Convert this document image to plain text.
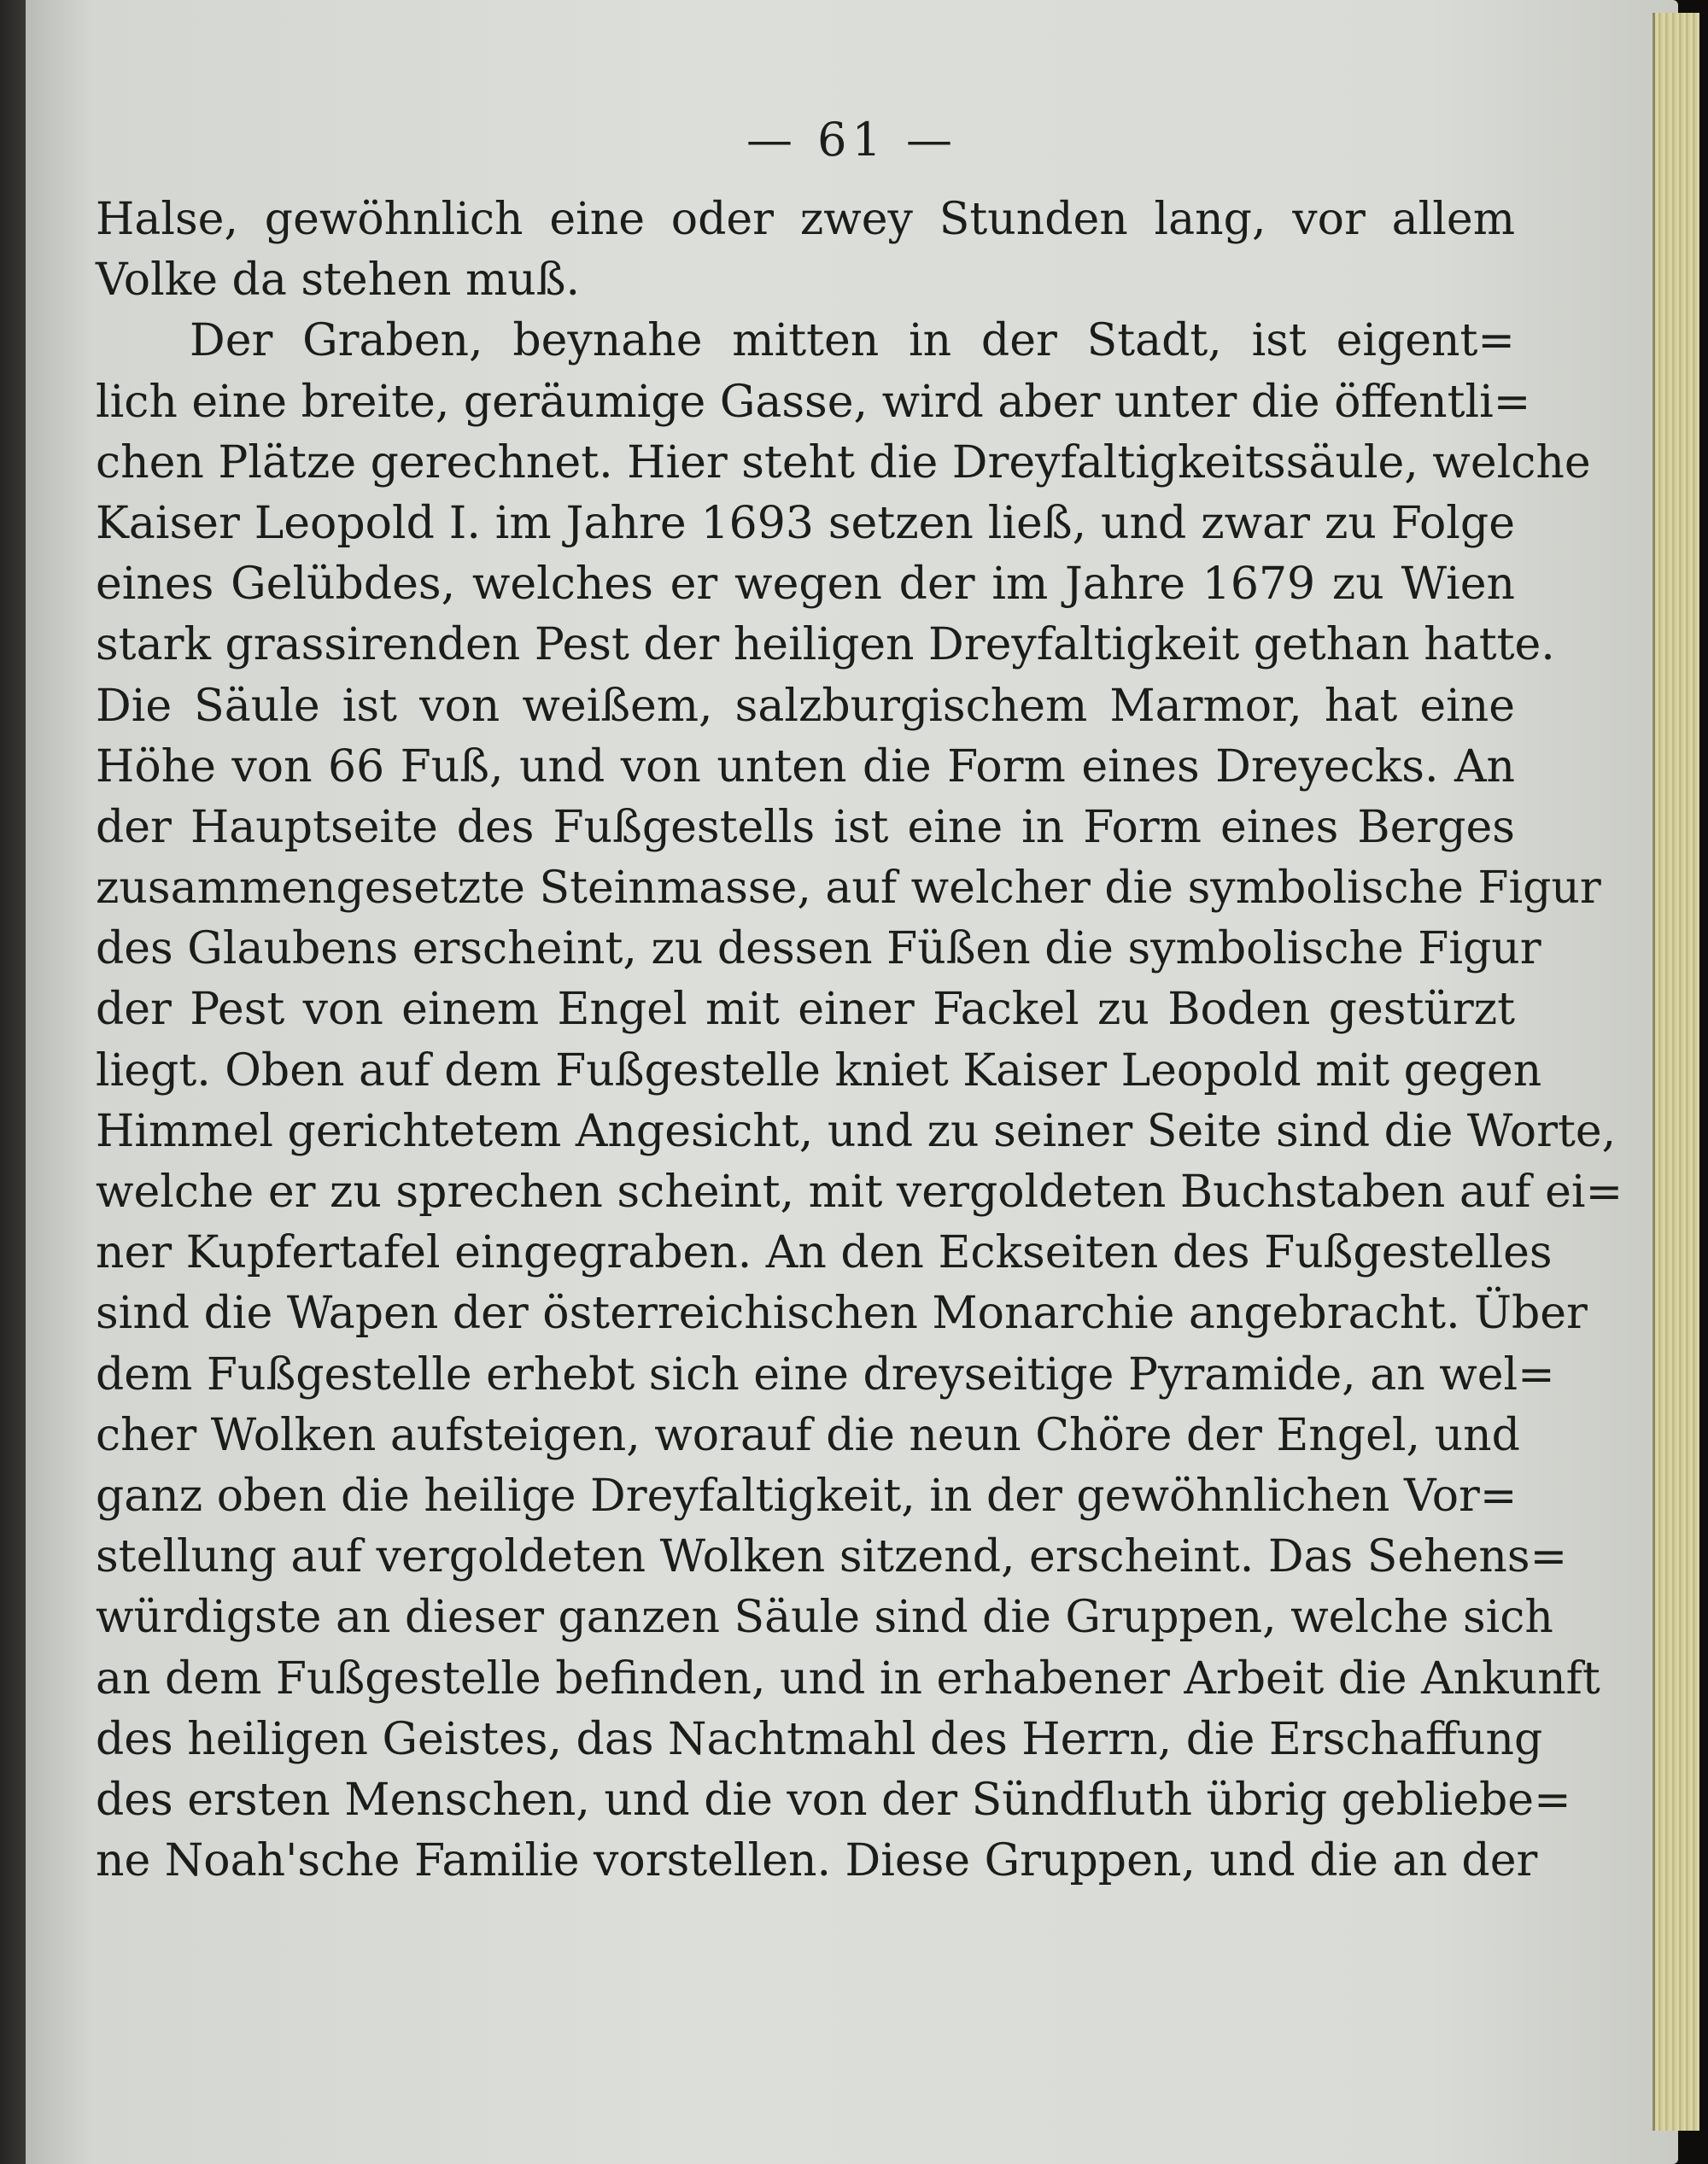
— 61 —
Halse, gewöhnlich eine oder zwey Stunden lang, vor allem
Volke da stehen muß.
Der Graben, beynahe mitten in der Stadt, ist eigent=
lich eine breite, geräumige Gasse, wird aber unter die öffentli=
chen Plätze gerechnet. Hier steht die Dreyfaltigkeitssäule, welche
Kaiser Leopold I. im Jahre 1693 setzen ließ, und zwar zu Folge
eines Gelübdes, welches er wegen der im Jahre 1679 zu Wien
stark grassirenden Pest der heiligen Dreyfaltigkeit gethan hatte.
Die Säule ist von weißem, salzburgischem Marmor, hat eine
Höhe von 66 Fuß, und von unten die Form eines Dreyecks. An
der Hauptseite des Fußgestells ist eine in Form eines Berges
zusammengesetzte Steinmasse, auf welcher die symbolische Figur
des Glaubens erscheint, zu dessen Füßen die symbolische Figur
der Pest von einem Engel mit einer Fackel zu Boden gestürzt
liegt. Oben auf dem Fußgestelle kniet Kaiser Leopold mit gegen
Himmel gerichtetem Angesicht, und zu seiner Seite sind die Worte,
welche er zu sprechen scheint, mit vergoldeten Buchstaben auf ei=
ner Kupfertafel eingegraben. An den Eckseiten des Fußgestelles
sind die Wapen der österreichischen Monarchie angebracht. Über
dem Fußgestelle erhebt sich eine dreyseitige Pyramide, an wel=
cher Wolken aufsteigen, worauf die neun Chöre der Engel, und
ganz oben die heilige Dreyfaltigkeit, in der gewöhnlichen Vor=
stellung auf vergoldeten Wolken sitzend, erscheint. Das Sehens=
würdigste an dieser ganzen Säule sind die Gruppen, welche sich
an dem Fußgestelle befinden, und in erhabener Arbeit die Ankunft
des heiligen Geistes, das Nachtmahl des Herrn, die Erschaffung
des ersten Menschen, und die von der Sündfluth übrig gebliebe=
ne Noah'sche Familie vorstellen. Diese Gruppen, und die an der
